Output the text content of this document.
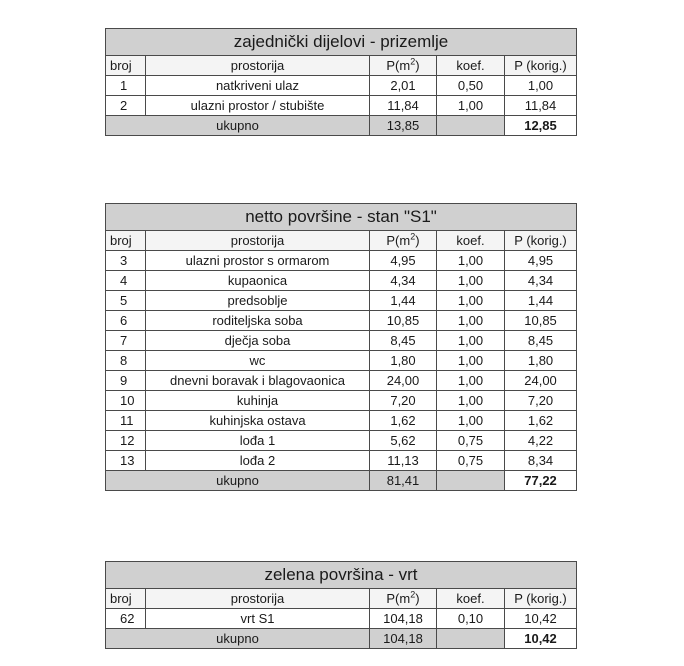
zajednički dijelovi - prizemlje				
broj	prostorija	$P(m^2)$	koef.	P (korig.)
1	natkriveni ulaz	2,01	0,50	1,00
2	ulazni prostor / stubište	11,84	1,00	11,84
ukupno		13,85		12,85
netto površine - stan "S1"				
broj	prostorija	$P(m^2)$	koef.	P (korig.)
3	ulazni prostor s ormarom	4,95	1,00	4,95
4	kupaonica	4,34	1,00	4,34
5	predsoblje	1,44	1,00	1,44
6	roditeljska soba	10,85	1,00	10,85
7	dječja soba	8,45	1,00	8,45
8	wc	1,80	1,00	1,80
9	dnevni boravak i blagovaonica	24,00	1,00	24,00
10	kuhinja	7,20	1,00	7,20
11	kuhinjska ostava	1,62	1,00	1,62
12	lođa 1	5,62	0,75	4,22
13	lođa 2	11,13	0,75	8,34
ukupno		81,41		77,22
zelena površina - vrt				
broj	prostorija	$P(m^2)$	koef.	P (korig.)
62	vrt S1	104,18	0,10	10,42
ukupno		104,18		10,42
